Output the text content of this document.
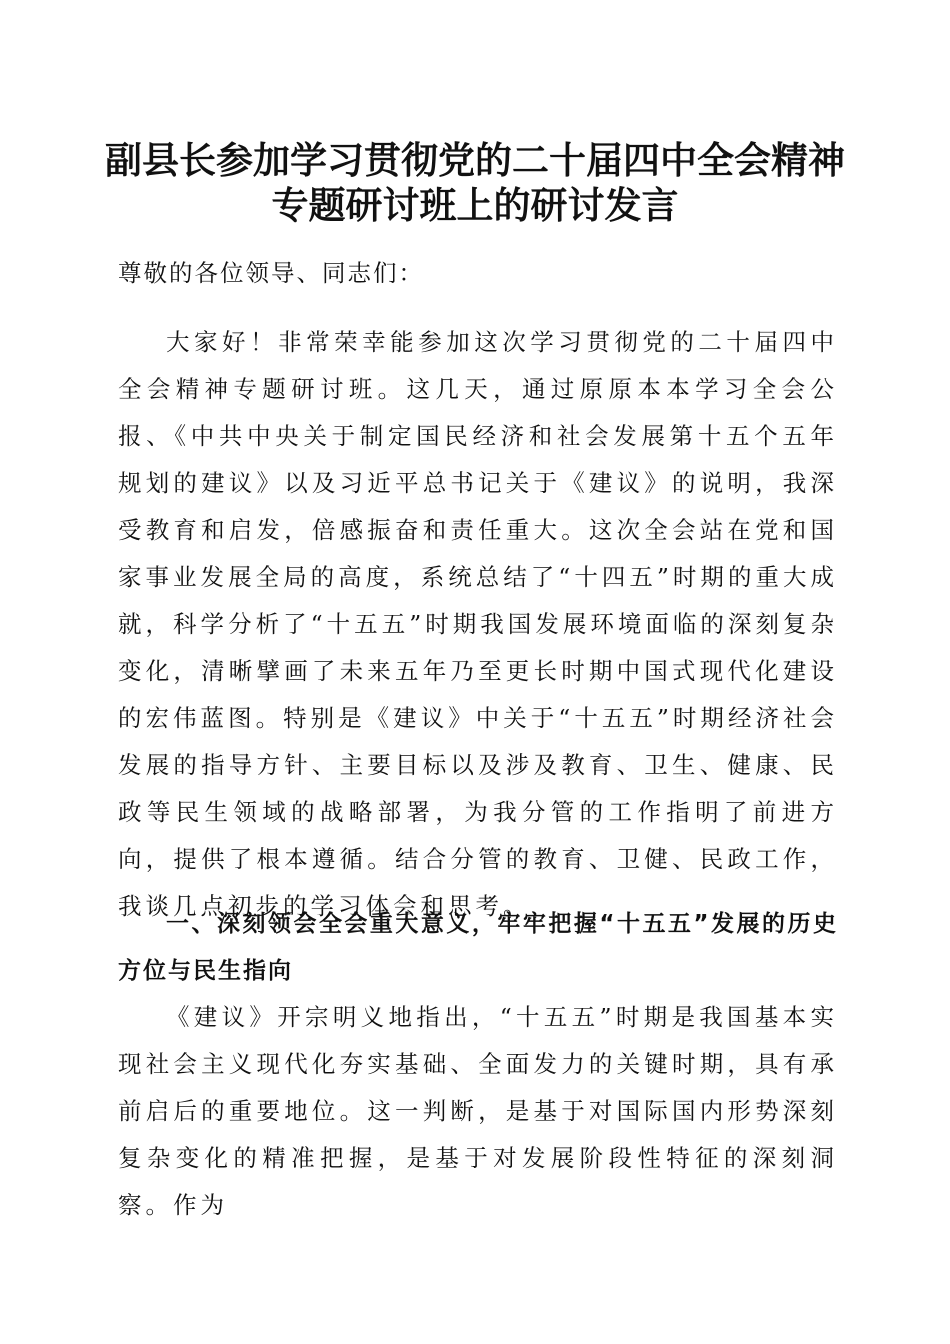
副县长参加学习贯彻党的二十届四中全会精神
专题研讨班上的研讨发言
尊敬的各位领导、同志们：
大家好！非常荣幸能参加这次学习贯彻党的二十届四中全会精神专题研讨班。这几天，通过原原本本学习全会公报、《中共中央关于制定国民经济和社会发展第十五个五年规划的建议》以及习近平总书记关于《建议》的说明，我深受教育和启发，倍感振奋和责任重大。这次全会站在党和国家事业发展全局的高度，系统总结了“十四五”时期的重大成就，科学分析了“十五五”时期我国发展环境面临的深刻复杂变化，清晰擘画了未来五年乃至更长时期中国式现代化建设的宏伟蓝图。特别是《建议》中关于“十五五”时期经济社会发展的指导方针、主要目标以及涉及教育、卫生、健康、民政等民生领域的战略部署，为我分管的工作指明了前进方向，提供了根本遵循。结合分管的教育、卫健、民政工作，我谈几点初步的学习体会和思考。
一、深刻领会全会重大意义，牢牢把握“十五五”发展的历史方位与民生指向
《建议》开宗明义地指出，“十五五”时期是我国基本实现社会主义现代化夯实基础、全面发力的关键时期，具有承前启后的重要地位。这一判断，是基于对国际国内形势深刻复杂变化的精准把握，是基于对发展阶段性特征的深刻洞察。作为
